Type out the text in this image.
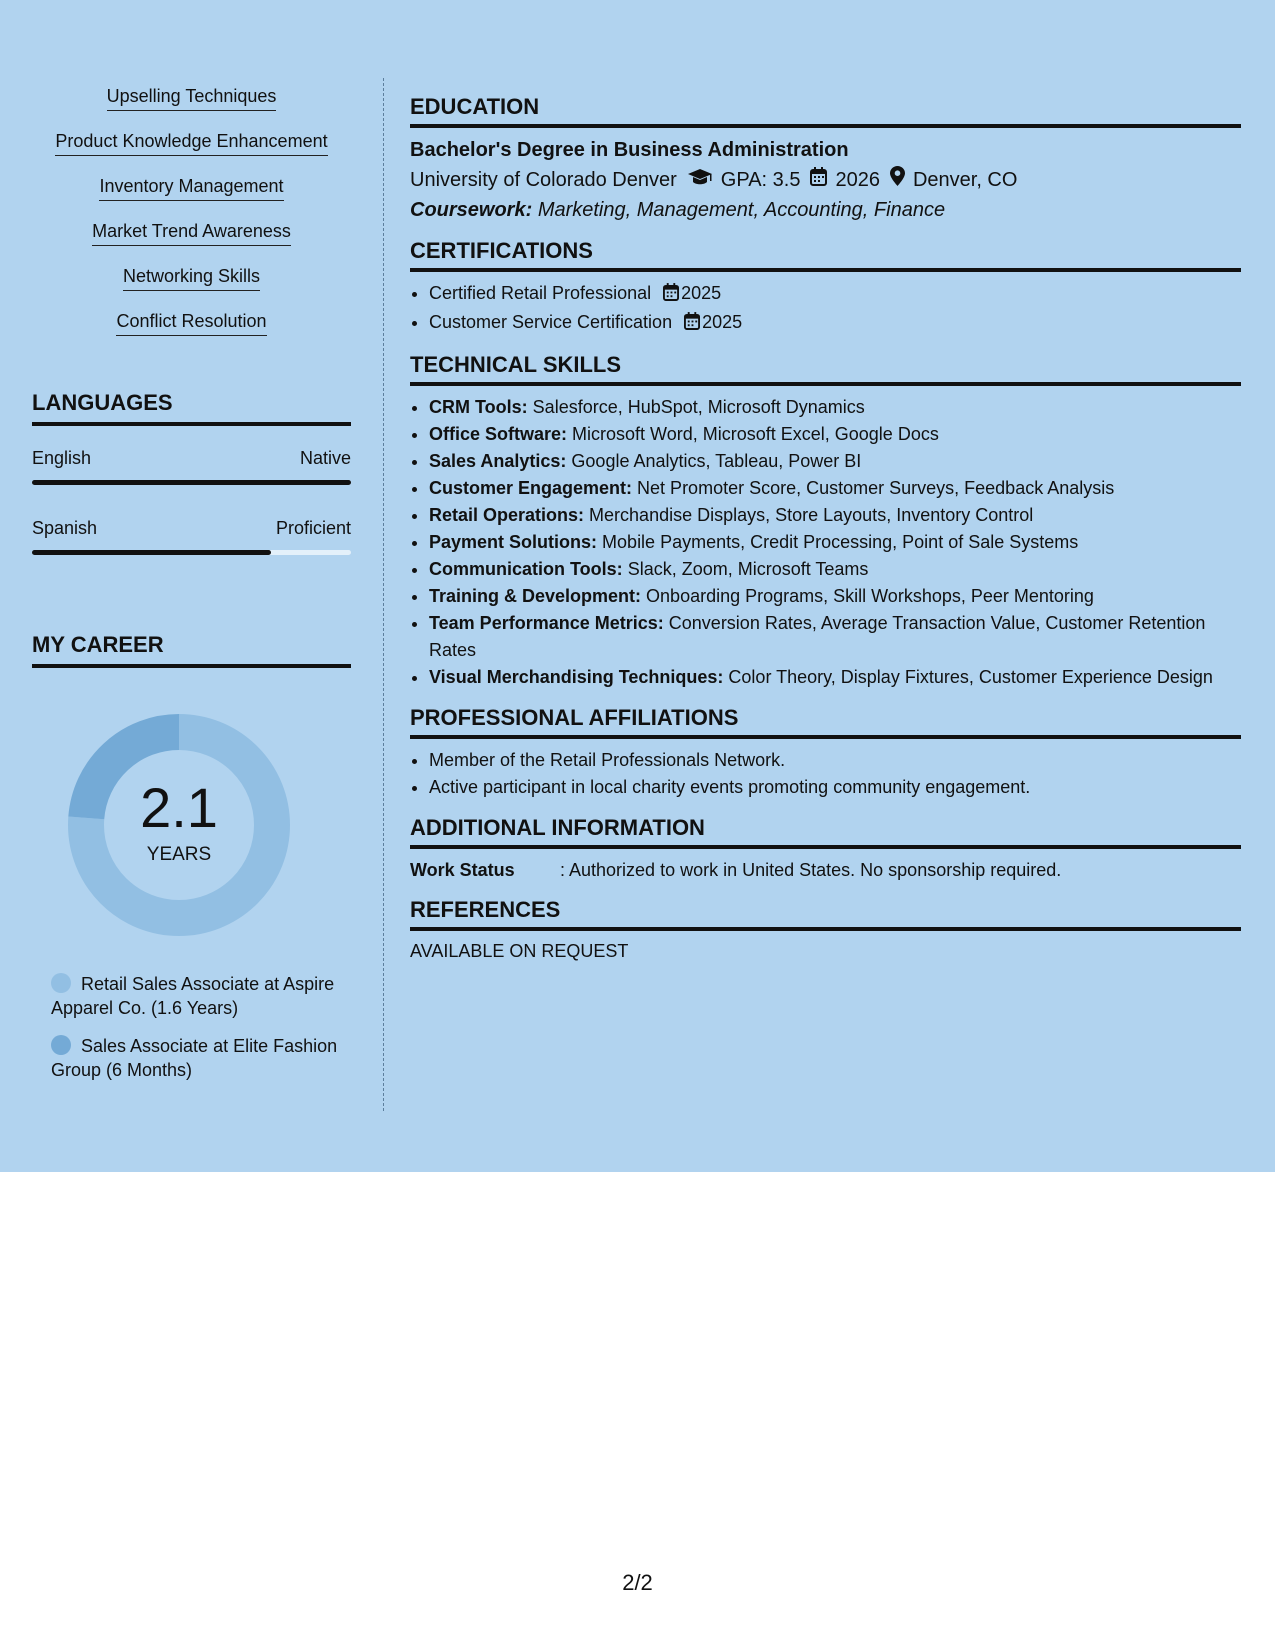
Upselling Techniques
Product Knowledge Enhancement
Inventory Management
Market Trend Awareness
Networking Skills
Conflict Resolution
LANGUAGES
English	Native
Spanish	Proficient
MY CAREER
2.1
YEARS
Retail Sales Associate at Aspire Apparel Co. (1.6 Years)
Sales Associate at Elite Fashion Group (6 Months)
EDUCATION
Bachelor's Degree in Business Administration
University of Colorado Denver GPA: 3.5 2026 Denver, CO
Coursework: Marketing, Management, Accounting, Finance
CERTIFICATIONS
• Certified Retail Professional 2025
• Customer Service Certification 2025
TECHNICAL SKILLS
• CRM Tools: Salesforce, HubSpot, Microsoft Dynamics
• Office Software: Microsoft Word, Microsoft Excel, Google Docs
• Sales Analytics: Google Analytics, Tableau, Power BI
• Customer Engagement: Net Promoter Score, Customer Surveys, Feedback Analysis
• Retail Operations: Merchandise Displays, Store Layouts, Inventory Control
• Payment Solutions: Mobile Payments, Credit Processing, Point of Sale Systems
• Communication Tools: Slack, Zoom, Microsoft Teams
• Training & Development: Onboarding Programs, Skill Workshops, Peer Mentoring
• Team Performance Metrics: Conversion Rates, Average Transaction Value, Customer Retention Rates
• Visual Merchandising Techniques: Color Theory, Display Fixtures, Customer Experience Design
PROFESSIONAL AFFILIATIONS
• Member of the Retail Professionals Network.
• Active participant in local charity events promoting community engagement.
ADDITIONAL INFORMATION
Work Status	: Authorized to work in United States. No sponsorship required.
REFERENCES
AVAILABLE ON REQUEST
2/2
